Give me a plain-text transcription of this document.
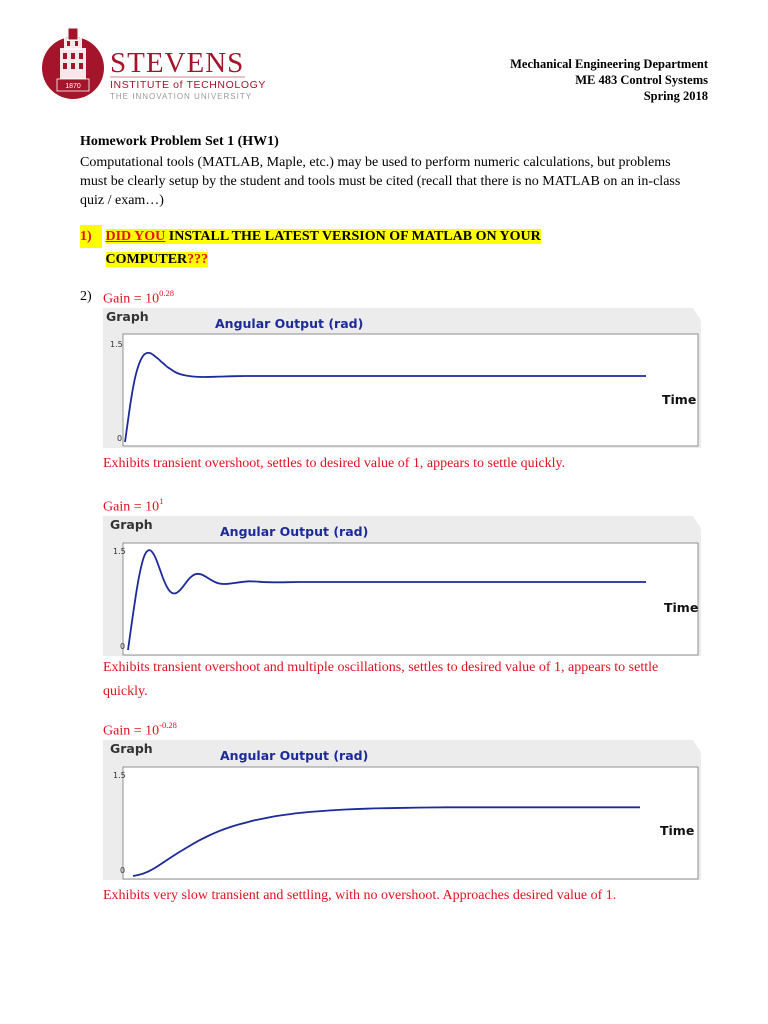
1870
STEVENS
INSTITUTE of TECHNOLOGY
THE INNOVATION UNIVERSITY
Mechanical Engineering Department
ME 483 Control Systems
Spring 2018
Homework Problem Set 1 (HW1)
Computational tools (MATLAB, Maple, etc.) may be used to perform numeric calculations, but problems must be clearly setup by the student and tools must be cited (recall that there is no MATLAB on an in-class quiz / exam…)
1) DID YOU INSTALL THE LATEST VERSION OF MATLAB ON YOUR COMPUTER???
2) Gain = $10^{0.28}$
Graph	Angular Output (rad)
1.5
0
Time
Exhibits transient overshoot, settles to desired value of 1, appears to settle quickly.
Gain = $10^1$
Graph	Angular Output (rad)
1.5
0
Time
Exhibits transient overshoot and multiple oscillations, settles to desired value of 1, appears to settle quickly.
Gain = $10^{-0.28}$
Graph	Angular Output (rad)
1.5
0
Time
Exhibits very slow transient and settling, with no overshoot. Approaches desired value of 1.
